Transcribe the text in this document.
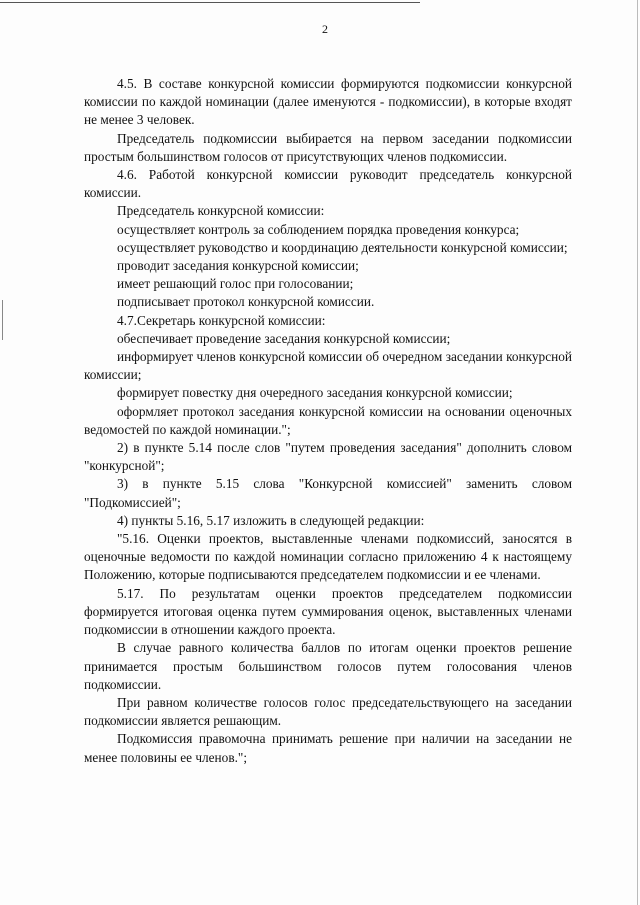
2

4.5. В составе конкурсной комиссии формируются подкомиссии конкурсной комиссии по каждой номинации (далее именуются - подкомиссии), в которые входят не менее 3 человек.

Председатель подкомиссии выбирается на первом заседании подкомиссии простым большинством голосов от присутствующих членов подкомиссии.

4.6. Работой конкурсной комиссии руководит председатель конкурсной комиссии.

Председатель конкурсной комиссии:

осуществляет контроль за соблюдением порядка проведения конкурса;

осуществляет руководство и координацию деятельности конкурсной комиссии;

проводит заседания конкурсной комиссии;

имеет решающий голос при голосовании;

подписывает протокол конкурсной комиссии.

4.7.Секретарь конкурсной комиссии:

обеспечивает проведение заседания конкурсной комиссии;

информирует членов конкурсной комиссии об очередном заседании конкурсной комиссии;

формирует повестку дня очередного заседания конкурсной комиссии;

оформляет протокол заседания конкурсной комиссии на основании оценочных ведомостей по каждой номинации.";

2) в пункте 5.14 после слов "путем проведения заседания" дополнить словом "конкурсной";

3) в пункте 5.15 слова "Конкурсной комиссией" заменить словом "Подкомиссией";

4) пункты 5.16, 5.17 изложить в следующей редакции:

"5.16. Оценки проектов, выставленные членами подкомиссий, заносятся в оценочные ведомости по каждой номинации согласно приложению 4 к настоящему Положению, которые подписываются председателем подкомиссии и ее членами.

5.17. По результатам оценки проектов председателем подкомиссии формируется итоговая оценка путем суммирования оценок, выставленных членами подкомиссии в отношении каждого проекта.

В случае равного количества баллов по итогам оценки проектов решение принимается простым большинством голосов путем голосования членов подкомиссии.

При равном количестве голосов голос председательствующего на заседании подкомиссии является решающим.

Подкомиссия правомочна принимать решение при наличии на заседании не менее половины ее членов.";
